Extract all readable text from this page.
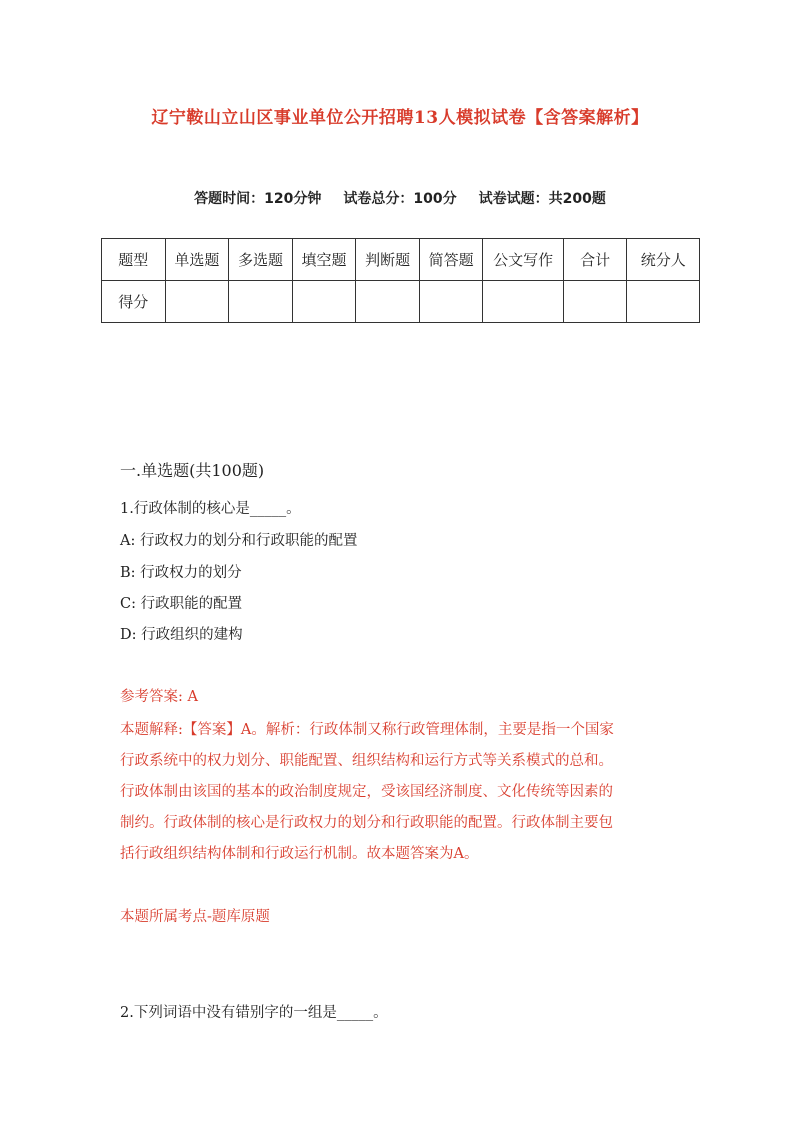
辽宁鞍山立山区事业单位公开招聘13人模拟试卷【含答案解析】
答题时间：120分钟 试卷总分：100分 试卷试题：共200题
题型	单选题	多选题	填空题	判断题	简答题	公文写作	合计	统分人
得分								
一.单选题(共100题)
1.行政体制的核心是_____。
A: 行政权力的划分和行政职能的配置
B: 行政权力的划分
C: 行政职能的配置
D: 行政组织的建构
参考答案: A
本题解释:【答案】A。解析：行政体制又称行政管理体制，主要是指一个国家
行政系统中的权力划分、职能配置、组织结构和运行方式等关系模式的总和。
行政体制由该国的基本的政治制度规定，受该国经济制度、文化传统等因素的
制约。行政体制的核心是行政权力的划分和行政职能的配置。行政体制主要包
括行政组织结构体制和行政运行机制。故本题答案为A。
本题所属考点-题库原题
2.下列词语中没有错别字的一组是_____。
